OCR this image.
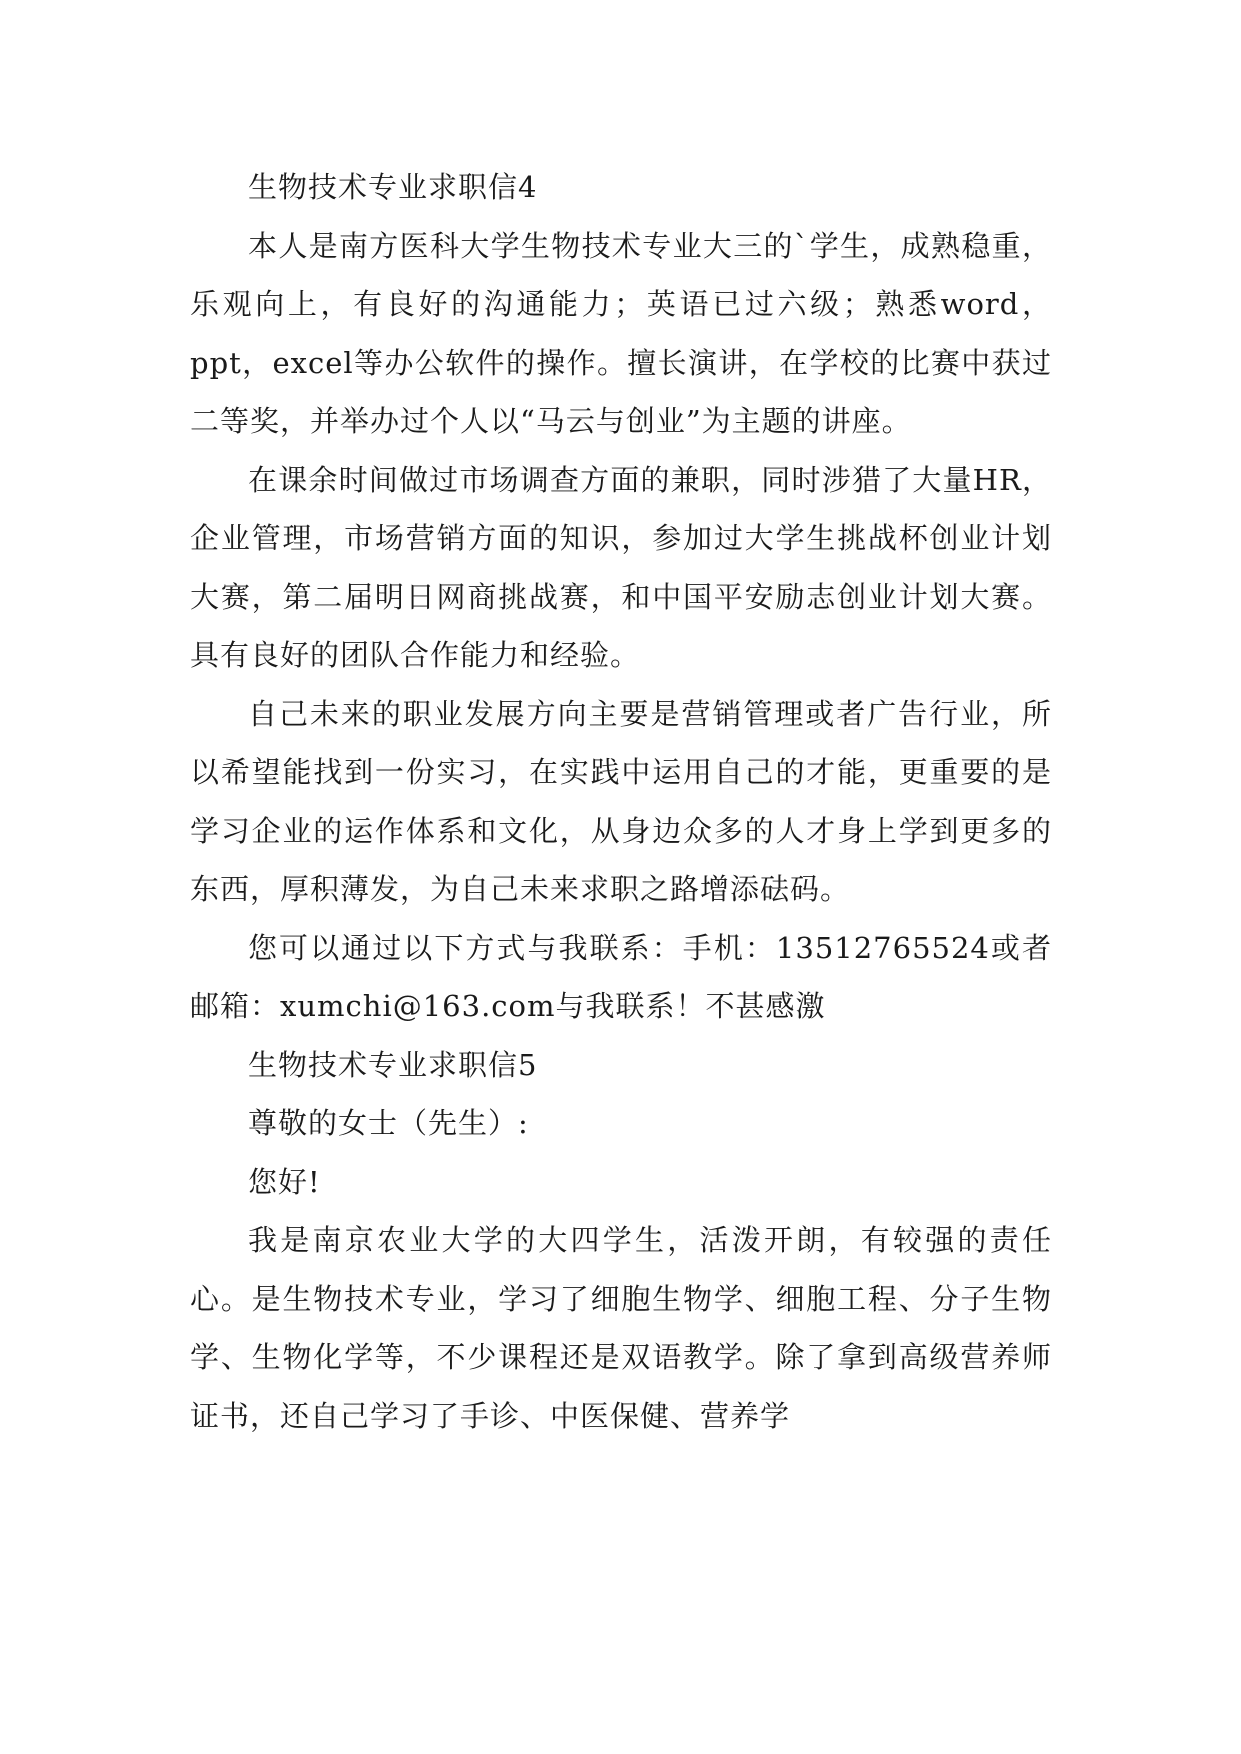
生物技术专业求职信4

本人是南方医科大学生物技术专业大三的`学生，成熟稳重，乐观向上，有良好的沟通能力；英语已过六级；熟悉word，ppt，excel等办公软件的操作。擅长演讲，在学校的比赛中获过二等奖，并举办过个人以“马云与创业”为主题的讲座。

在课余时间做过市场调查方面的兼职，同时涉猎了大量HR，企业管理，市场营销方面的知识，参加过大学生挑战杯创业计划大赛，第二届明日网商挑战赛，和中国平安励志创业计划大赛。具有良好的团队合作能力和经验。

自己未来的职业发展方向主要是营销管理或者广告行业，所以希望能找到一份实习，在实践中运用自己的才能，更重要的是学习企业的运作体系和文化，从身边众多的人才身上学到更多的东西，厚积薄发，为自己未来求职之路增添砝码。

您可以通过以下方式与我联系：手机：13512765524或者邮箱：xumchi@163.com与我联系！不甚感激

生物技术专业求职信5

尊敬的女士（先生）:

您好!

我是南京农业大学的大四学生，活泼开朗，有较强的责任心。是生物技术专业，学习了细胞生物学、细胞工程、分子生物学、生物化学等，不少课程还是双语教学。除了拿到高级营养师证书，还自己学习了手诊、中医保健、营养学
